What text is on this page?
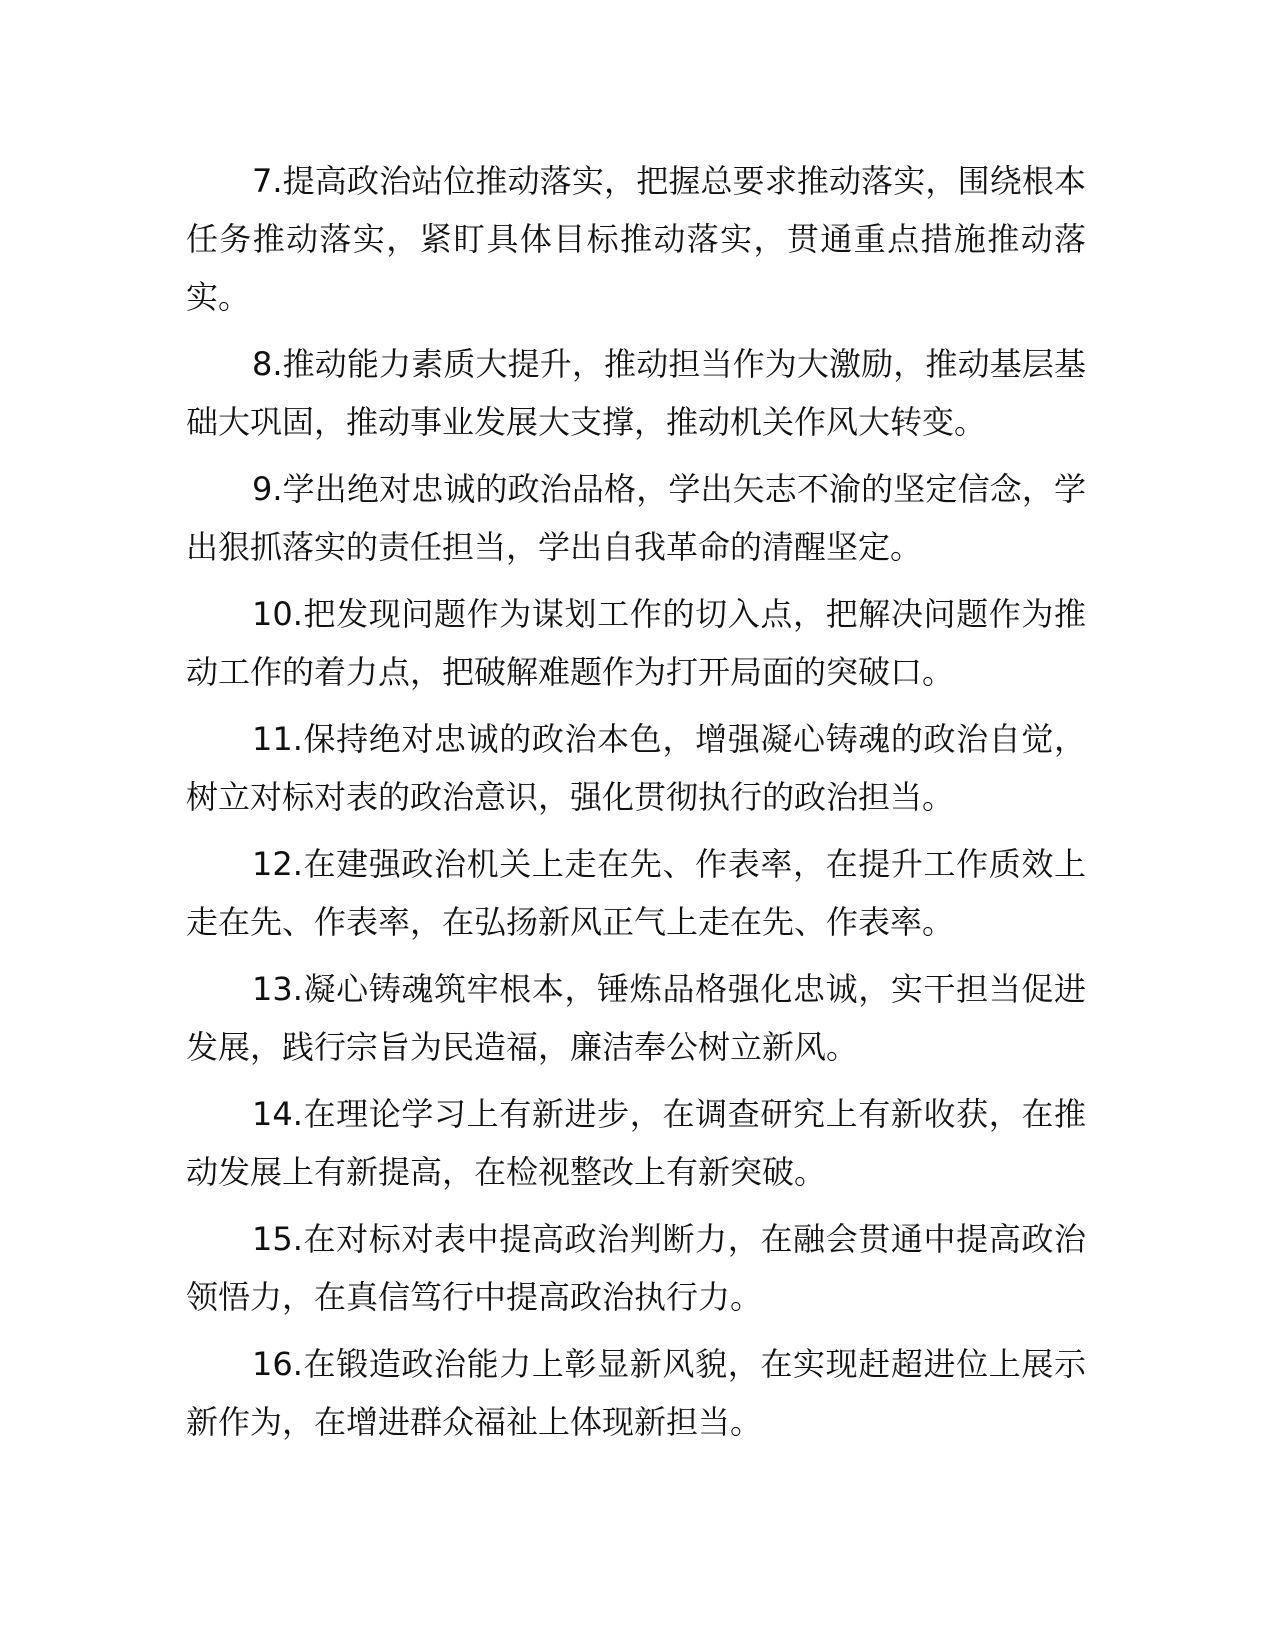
7.提高政治站位推动落实，把握总要求推动落实，围绕根本任务推动落实，紧盯具体目标推动落实，贯通重点措施推动落实。

8.推动能力素质大提升，推动担当作为大激励，推动基层基础大巩固，推动事业发展大支撑，推动机关作风大转变。

9.学出绝对忠诚的政治品格，学出矢志不渝的坚定信念，学出狠抓落实的责任担当，学出自我革命的清醒坚定。

10.把发现问题作为谋划工作的切入点，把解决问题作为推动工作的着力点，把破解难题作为打开局面的突破口。

11.保持绝对忠诚的政治本色，增强凝心铸魂的政治自觉，树立对标对表的政治意识，强化贯彻执行的政治担当。

12.在建强政治机关上走在先、作表率，在提升工作质效上走在先、作表率，在弘扬新风正气上走在先、作表率。

13.凝心铸魂筑牢根本，锤炼品格强化忠诚，实干担当促进发展，践行宗旨为民造福，廉洁奉公树立新风。

14.在理论学习上有新进步，在调查研究上有新收获，在推动发展上有新提高，在检视整改上有新突破。

15.在对标对表中提高政治判断力，在融会贯通中提高政治领悟力，在真信笃行中提高政治执行力。

16.在锻造政治能力上彰显新风貌，在实现赶超进位上展示新作为，在增进群众福祉上体现新担当。
